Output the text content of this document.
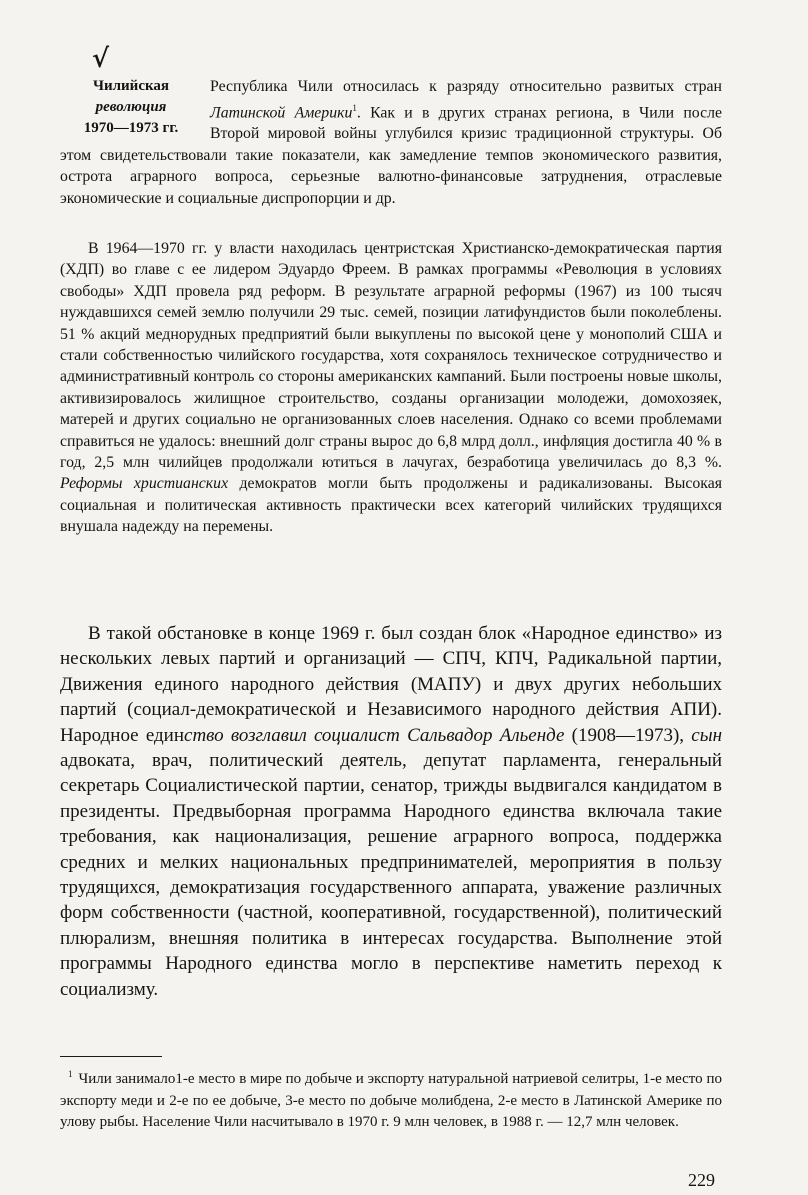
√
Чилийская
революция
1970—1973 гг.
Республика Чили относилась к разряду относительно развитых стран Латинской Америки$^1$. Как и в других странах региона, в Чили после Второй мировой войны углубился кризис традиционной структуры. Об этом свидетельствовали такие показатели, как замедление темпов экономического развития, острота аграрного вопроса, серьезные валютно-финансовые затруднения, отраслевые экономические и социальные диспропорции и др.
В 1964—1970 гг. у власти находилась центристская Христианско-демократическая партия (ХДП) во главе с ее лидером Эдуардо Фреем. В рамках программы «Революция в условиях свободы» ХДП провела ряд реформ. В результате аграрной реформы (1967) из 100 тысяч нуждавшихся семей землю получили 29 тыс. семей, позиции латифундистов были поколеблены. 51 % акций меднорудных предприятий были выкуплены по высокой цене у монополий США и стали собственностью чилийского государства, хотя сохранялось техническое сотрудничество и административный контроль со стороны американских кампаний. Были построены новые школы, активизировалось жилищное строительство, созданы организации молодежи, домохозяек, матерей и других социально не организованных слоев населения. Однако со всеми проблемами справиться не удалось: внешний долг страны вырос до 6,8 млрд долл., инфляция достигла 40 % в год, 2,5 млн чилийцев продолжали ютиться в лачугах, безработица увеличилась до 8,3 %. Реформы христианских демократов могли быть продолжены и радикализованы. Высокая социальная и политическая активность практически всех категорий чилийских трудящихся внушала надежду на перемены.
В такой обстановке в конце 1969 г. был создан блок «Народное единство» из нескольких левых партий и организаций — СПЧ, КПЧ, Радикальной партии, Движения единого народного действия (МАПУ) и двух других небольших партий (социал-демократической и Независимого народного действия АПИ). Народное единство возглавил социалист Сальвадор Альенде (1908—1973), сын адвоката, врач, политический деятель, депутат парламента, генеральный секретарь Социалистической партии, сенатор, трижды выдвигался кандидатом в президенты. Предвыборная программа Народного единства включала такие требования, как национализация, решение аграрного вопроса, поддержка средних и мелких национальных предпринимателей, мероприятия в пользу трудящихся, демократизация государственного аппарата, уважение различных форм собственности (частной, кооперативной, государственной), политический плюрализм, внешняя политика в интересах государства. Выполнение этой программы Народного единства могло в перспективе наметить переход к социализму.
$^1$ Чили занимало1-е место в мире по добыче и экспорту натуральной натриевой селитры, 1-е место по экспорту меди и 2-е по ее добыче, 3-е место по добыче молибдена, 2-е место в Латинской Америке по улову рыбы. Население Чили насчитывало в 1970 г. 9 млн человек, в 1988 г. — 12,7 млн человек.
229
